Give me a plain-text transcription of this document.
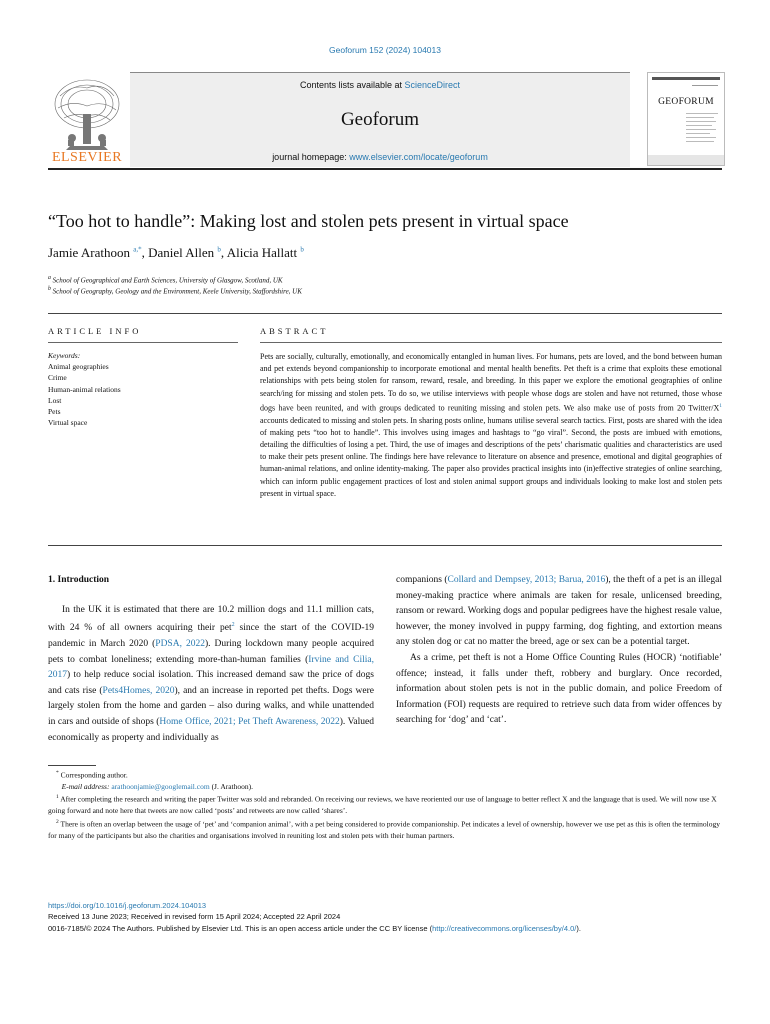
Geoforum 152 (2024) 104013
Contents lists available at ScienceDirect
Geoforum
journal homepage: www.elsevier.com/locate/geoforum
ELSEVIER
GEOFORUM
“Too hot to handle”: Making lost and stolen pets present in virtual space
Jamie Arathoon $^{a,*}$, Daniel Allen $^b$, Alicia Hallatt $^b$
$^a$ School of Geographical and Earth Sciences, University of Glasgow, Scotland, UK
$^b$ School of Geography, Geology and the Environment, Keele University, Staffordshire, UK
ARTICLE INFO	ABSTRACT
Keywords:
Animal geographies
Crime
Human-animal relations
Lost
Pets
Virtual space
Pets are socially, culturally, emotionally, and economically entangled in human lives. For humans, pets are loved, and the bond between human and pet extends beyond companionship to incorporate emotional and mental health benefits. Pet theft is a crime that exploits these emotional relationships with pets being stolen for ransom, reward, resale, and breeding. In this paper we explore the emotional geographies of online search/ing for missing and stolen pets. To do so, we utilise interviews with people whose dogs are stolen and have not returned, those whose dogs have been reunited, and with groups dedicated to reuniting missing and stolen pets. We also make use of posts from 20 Twitter/$X^1$ accounts dedicated to missing and stolen pets. In sharing posts online, humans utilise several search tactics. First, posts are shared with the idea of making pets “too hot to handle”. This involves using images and hashtags to “go viral”. Second, the posts are imbued with emotions, detailing the difficulties of losing a pet. Third, the use of images and descriptions of the pets’ charismatic qualities and characteristics are used to make their pets present online. The findings here have relevance to literature on absence and presence, emotional and digital geographies of human-animal relations, and online identity-making. The paper also provides practical insights into (in)effective strategies of online searching, which can inform public engagement practices of lost and stolen animal support groups and individuals looking to make lost and stolen pets present in virtual space.
1. Introduction

In the UK it is estimated that there are 10.2 million dogs and 11.1 million cats, with 24 % of all owners acquiring their pet$^2$ since the start of the COVID-19 pandemic in March 2020 (PDSA, 2022). During lockdown many people acquired pets to combat loneliness; extending more-than-human families (Irvine and Cilia, 2017) to help reduce social isolation. This increased demand saw the price of dogs and cats rise (Pets4Homes, 2020), and an increase in reported pet thefts. Dogs were largely stolen from the home and garden – also during walks, and while unattended in cars and outside of shops (Home Office, 2021; Pet Theft Awareness, 2022). Valued economically as property and individually as

companions (Collard and Dempsey, 2013; Barua, 2016), the theft of a pet is an illegal money-making practice where animals are taken for resale, unlicensed breeding, ransom or reward. Working dogs and popular pedigrees have the highest resale value, however, the money involved in puppy farming, dog fighting, and extortion means any stolen dog or cat no matter the breed, age or sex can be a potential target.

As a crime, pet theft is not a Home Office Counting Rules (HOCR) ‘notifiable’ offence; instead, it falls under theft, robbery and burglary. Once recorded, information about stolen pets is not in the public domain, and police Freedom of Information (FOI) requests are required to retrieve such data from wider offences by searching for ‘dog’ and ‘cat’.

* Corresponding author.

E-mail address: arathoonjamie@googlemail.com (J. Arathoon).

$^1$ After completing the research and writing the paper Twitter was sold and rebranded. On receiving our reviews, we have reoriented our use of language to better reflect X and the language that is used. We will now use X going forward and note here that tweets are now called ‘posts’ and retweets are now called ‘shares’.

$^2$ There is often an overlap between the usage of ‘pet’ and ‘companion animal’, with a pet being considered to provide companionship. Pet indicates a level of ownership, however we use pet as this is often the terminology for many of the participants but also the charities and organisations involved in reuniting lost and stolen pets with their human partners.

https://doi.org/10.1016/j.geoforum.2024.104013
Received 13 June 2023; Received in revised form 15 April 2024; Accepted 22 April 2024
0016-7185/© 2024 The Authors. Published by Elsevier Ltd. This is an open access article under the CC BY license (http://creativecommons.org/licenses/by/4.0/).
